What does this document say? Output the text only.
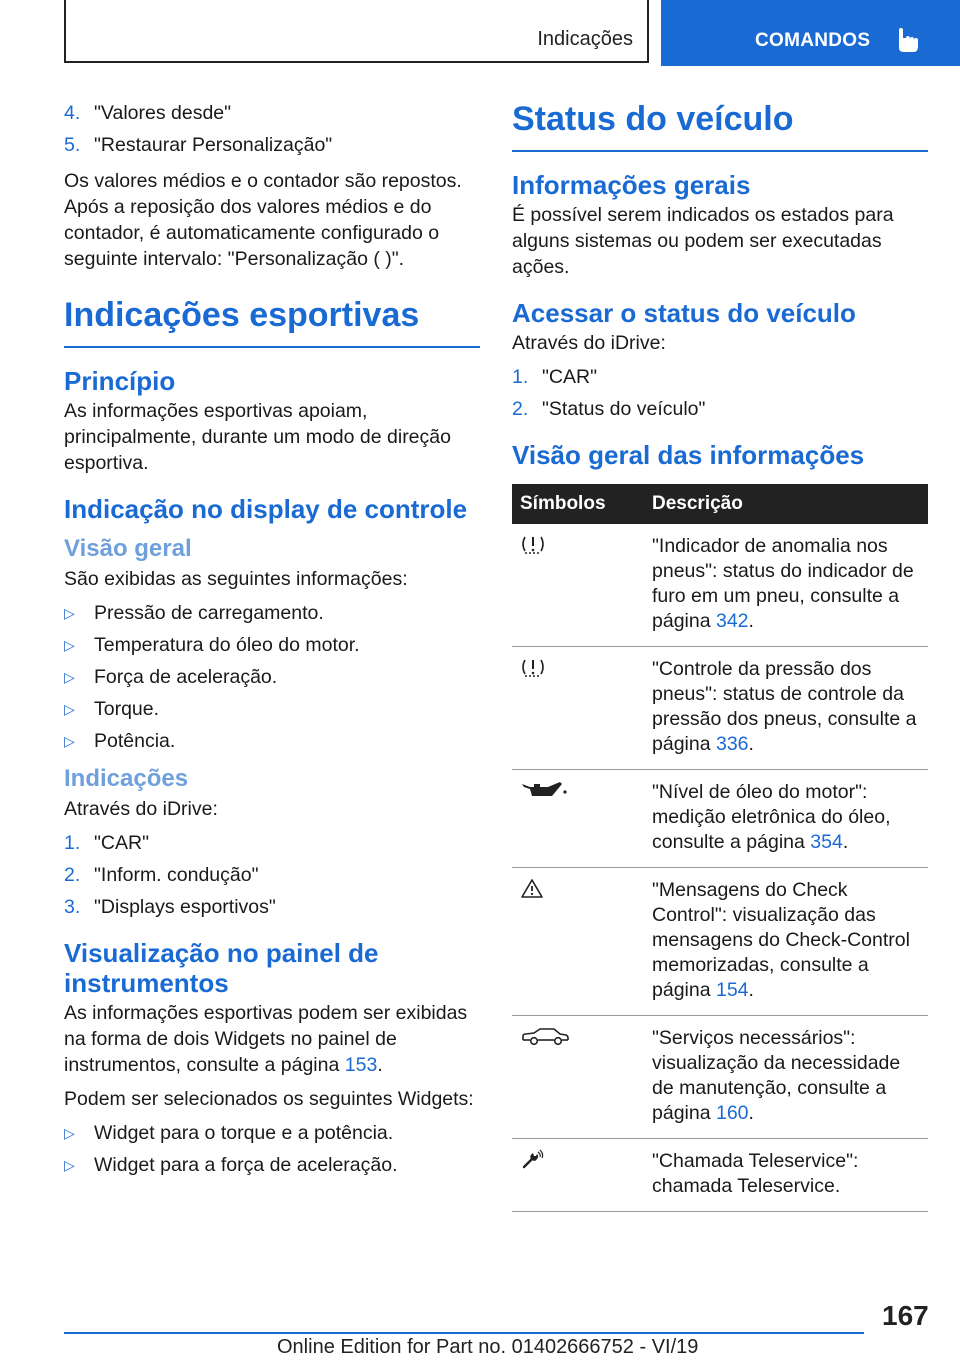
Indicações	COMANDOS
4. "Valores desde"
5. "Restaurar Personalização"

Os valores médios e o contador são repostos. Após a reposição dos valores médios e do contador, é automaticamente configurado o seguinte intervalo: "Personalização ( )".

Indicações esportivas
Princípio

As informações esportivas apoiam, principalmente, durante um modo de direção esportiva.

Indicação no display de controle
Visão geral

São exibidas as seguintes informações:

▷ Pressão de carregamento.
▷ Temperatura do óleo do motor.
▷ Força de aceleração.
▷ Torque.
▷ Potência.
Indicações

Através do iDrive:

1. "CAR"
2. "Inform. condução"
3. "Displays esportivos"
Visualização no painel de instrumentos

As informações esportivas podem ser exibidas na forma de dois Widgets no painel de instrumentos, consulte a página 153.

Podem ser selecionados os seguintes Widgets:

▷ Widget para o torque e a potência.
▷ Widget para a força de aceleração.
Status do veículo
Informações gerais

É possível serem indicados os estados para alguns sistemas ou podem ser executadas ações.

Acessar o status do veículo

Através do iDrive:

1. "CAR"
2. "Status do veículo"
Visão geral das informações
Símbolos	Descrição

	"Indicador de anomalia nos pneus": status do indicador de furo em um pneu, consulte a página 342.

	"Controle da pressão dos pneus": status de controle da pressão dos pneus, consulte a página 336.

	"Nível de óleo do motor": medição eletrônica do óleo, consulte a página 354.

	"Mensagens do Check Control": visualização das mensagens do Check-Control memorizadas, consulte a página 154.

	"Serviços necessários": visualização da necessidade de manutenção, consulte a página 160.

	"Chamada Teleservice": chamada Teleservice.
167
Online Edition for Part no. 01402666752 - VI/19
